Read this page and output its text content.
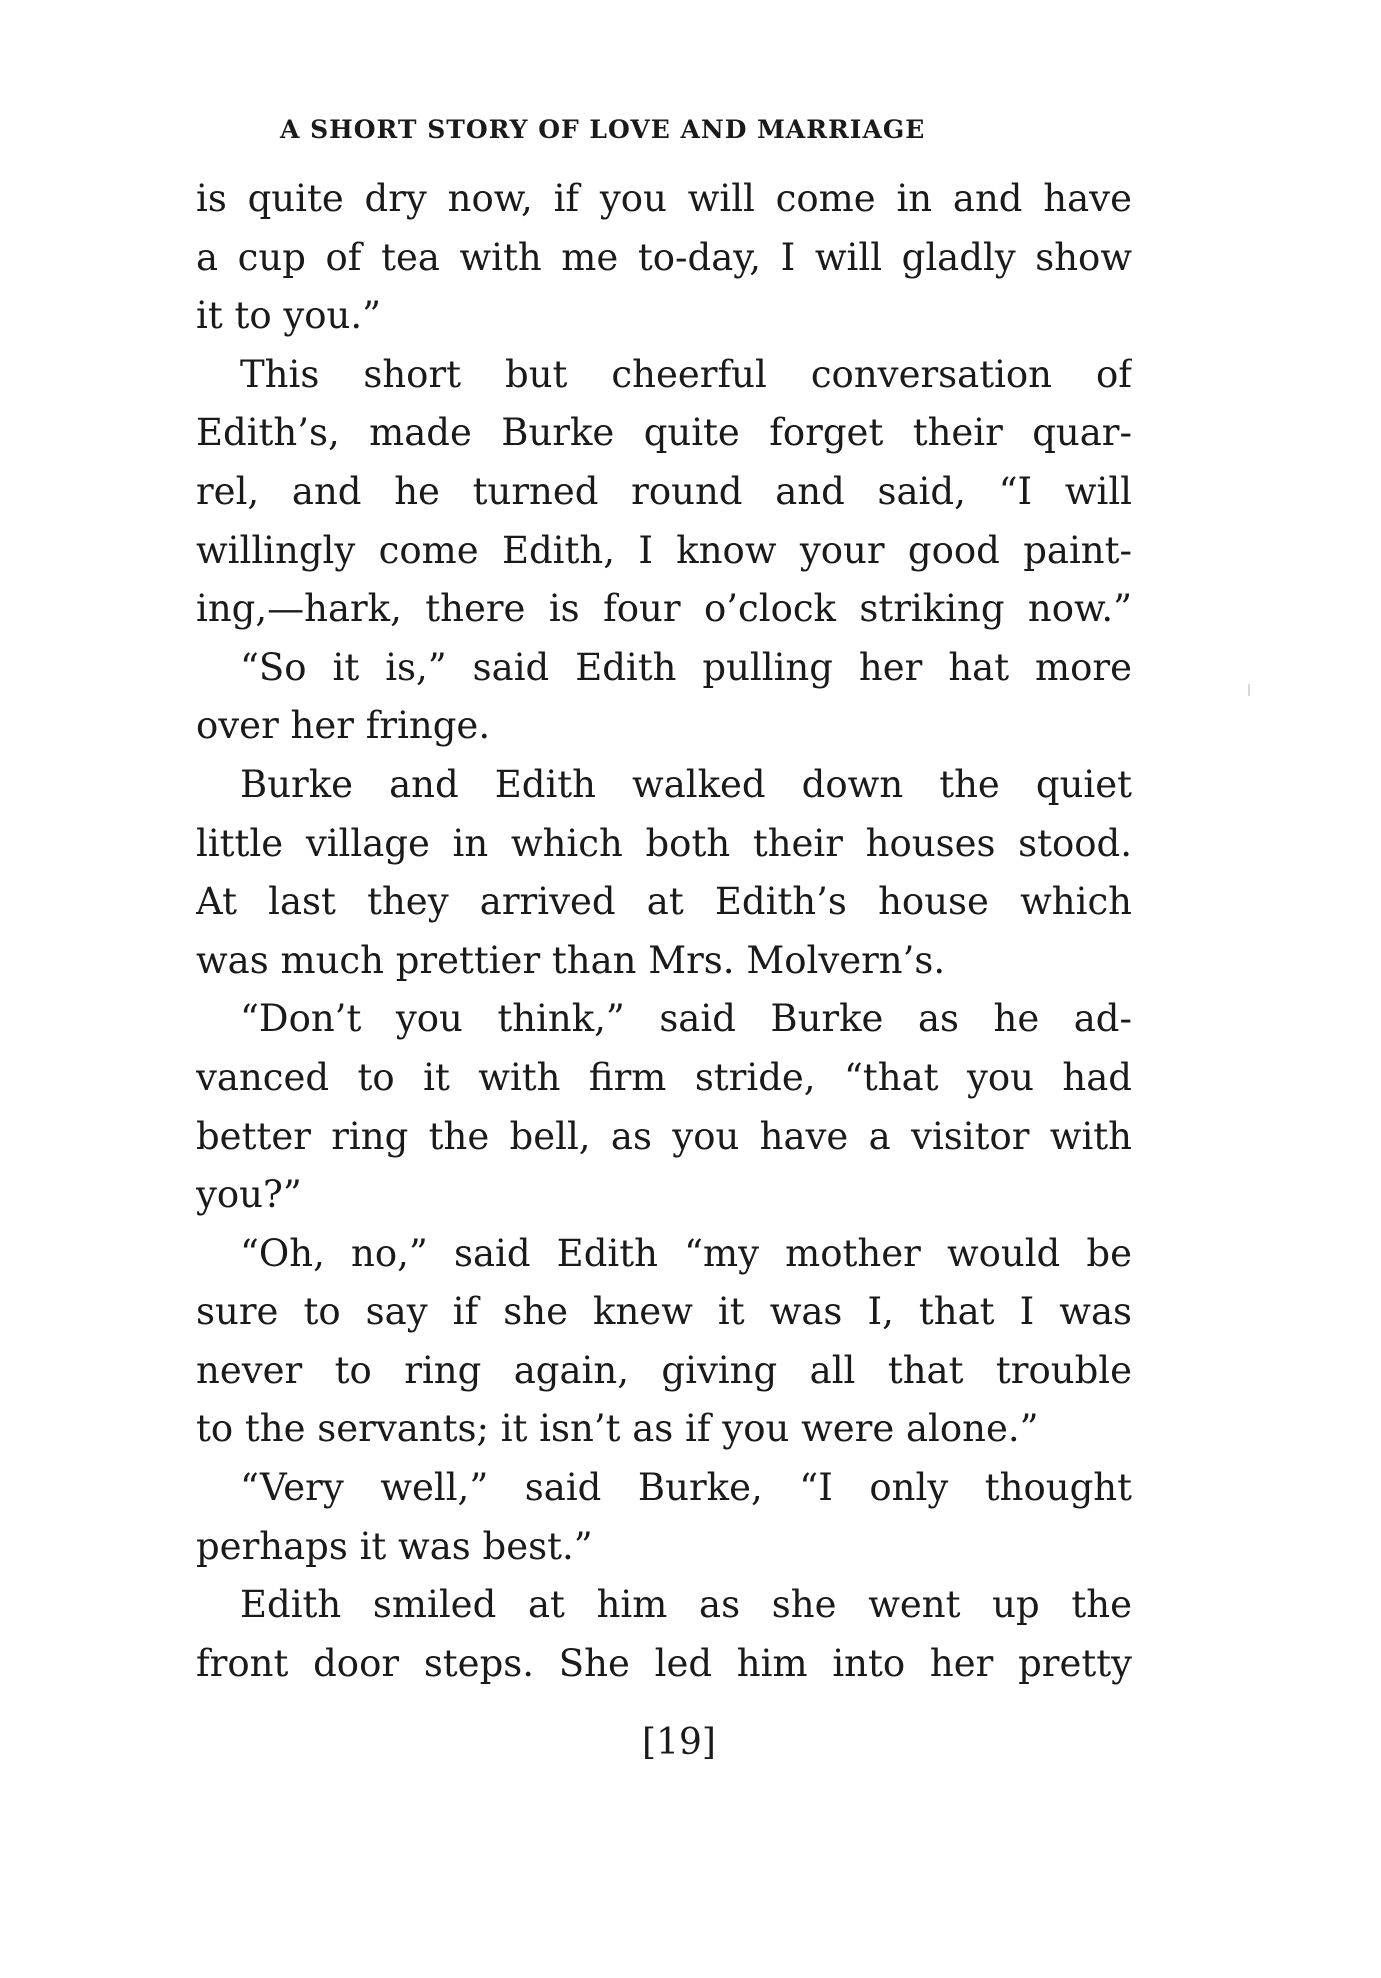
A SHORT STORY OF LOVE AND MARRIAGE
is quite dry now, if you will come in and have
a cup of tea with me to-day, I will gladly show
it to you.”
This short but cheerful conversation of
Edith’s, made Burke quite forget their quar-
rel, and he turned round and said, “I will
willingly come Edith, I know your good paint-
ing,—hark, there is four o’clock striking now.”
“So it is,” said Edith pulling her hat more
over her fringe.
Burke and Edith walked down the quiet
little village in which both their houses stood.
At last they arrived at Edith’s house which
was much prettier than Mrs. Molvern’s.
“Don’t you think,” said Burke as he ad-
vanced to it with firm stride, “that you had
better ring the bell, as you have a visitor with
you?”
“Oh, no,” said Edith “my mother would be
sure to say if she knew it was I, that I was
never to ring again, giving all that trouble
to the servants; it isn’t as if you were alone.”
“Very well,” said Burke, “I only thought
perhaps it was best.”
Edith smiled at him as she went up the
front door steps. She led him into her pretty
[19]
